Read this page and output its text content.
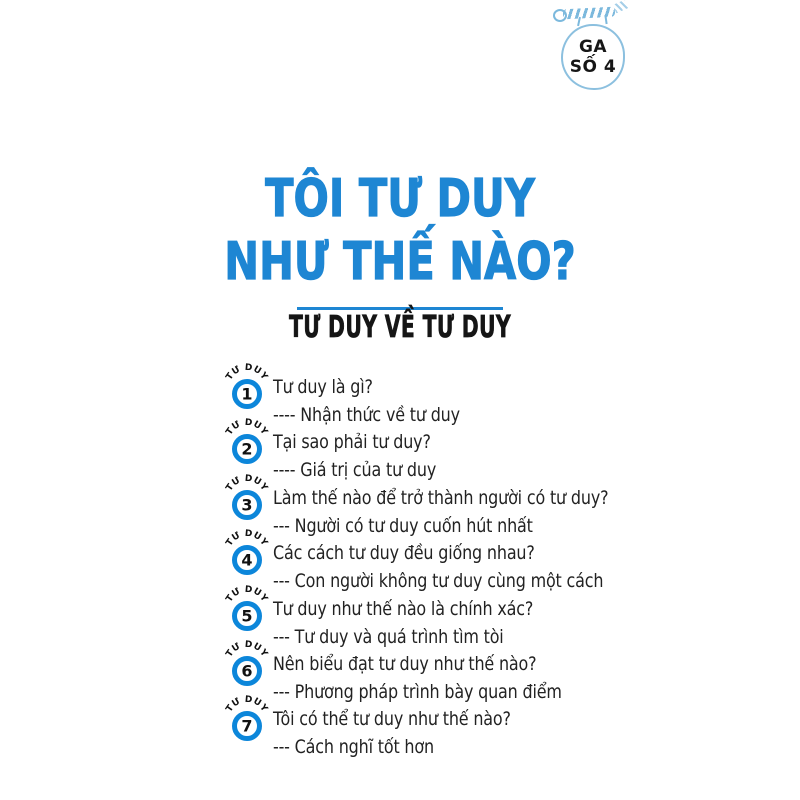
GA
SỐ 4
TÔI TƯ DUY
NHƯ THẾ NÀO?
TƯ DUY VỀ TƯ DUY
TƯ DUY
1 Tư duy là gì?
---- Nhận thức về tư duy
TƯ DUY
2 Tại sao phải tư duy?
---- Giá trị của tư duy
TƯ DUY
3 Làm thế nào để trở thành người có tư duy?
--- Người có tư duy cuốn hút nhất
TƯ DUY
4 Các cách tư duy đều giống nhau?
--- Con người không tư duy cùng một cách
TƯ DUY
5 Tư duy như thế nào là chính xác?
--- Tư duy và quá trình tìm tòi
TƯ DUY
6 Nên biểu đạt tư duy như thế nào?
--- Phương pháp trình bày quan điểm
TƯ DUY
7 Tôi có thể tư duy như thế nào?
--- Cách nghĩ tốt hơn
